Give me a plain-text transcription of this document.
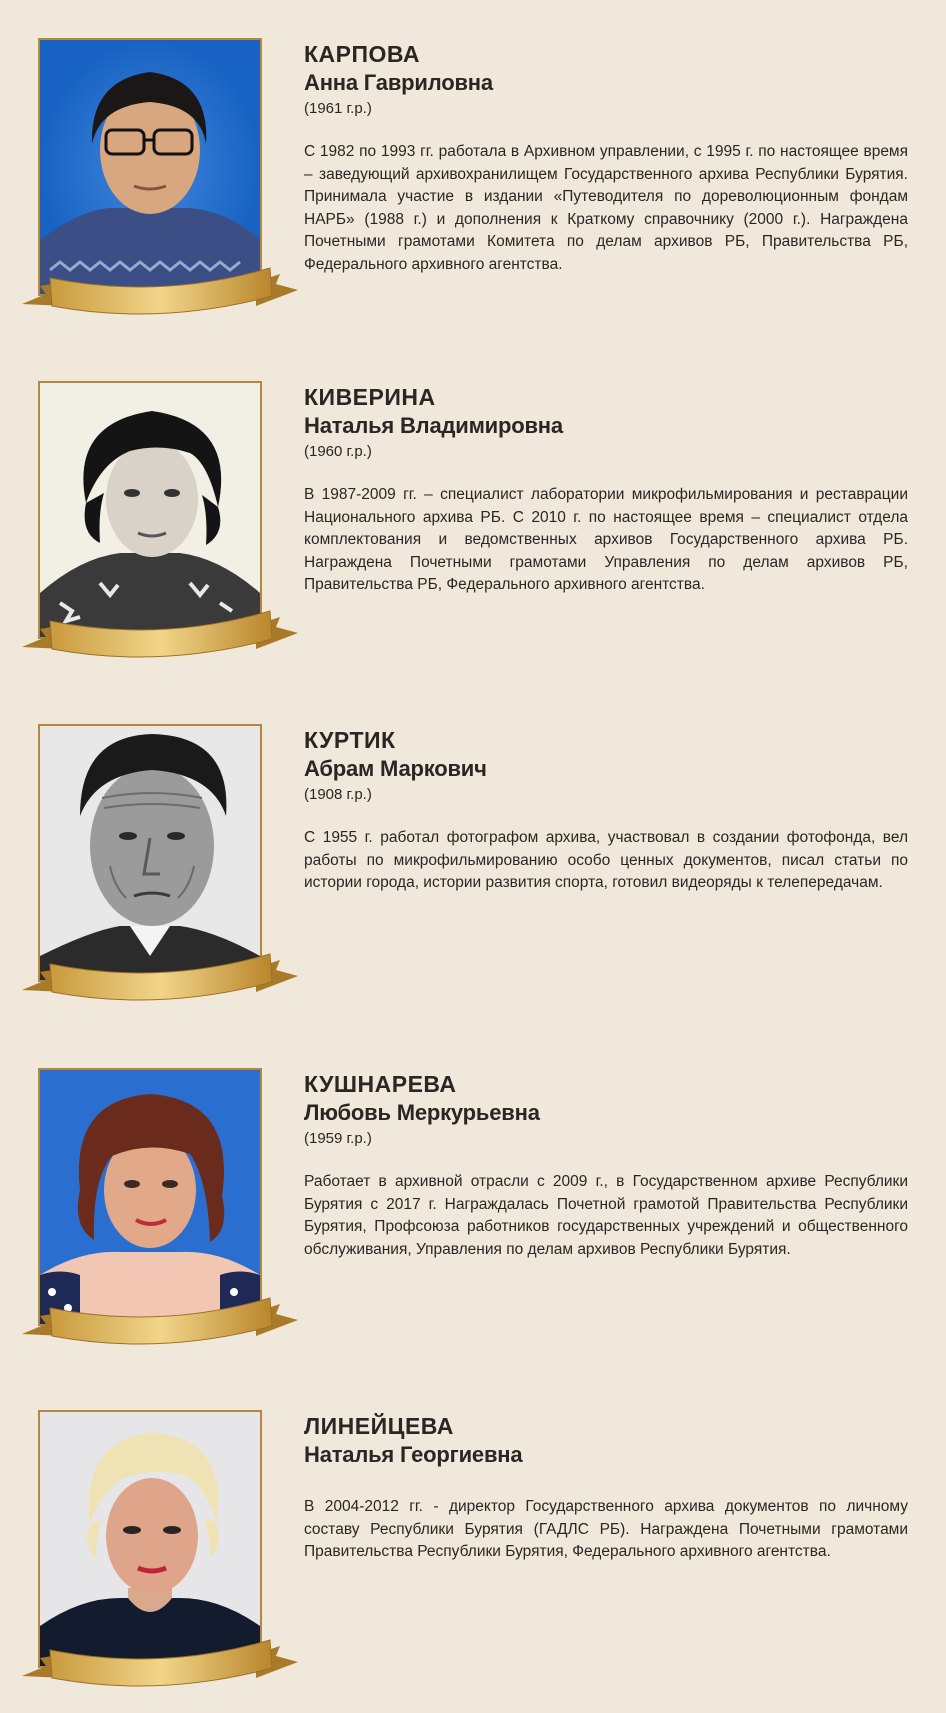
КАРПОВА

Анна Гавриловна

(1961 г.р.)

С 1982 по 1993 гг. работала в Архивном управлении, с 1995 г. по настоящее время – заведующий архивохранилищем Государственного архива Республики Бурятия. Принимала участие в издании «Путеводителя по дореволюционным фондам НАРБ» (1988 г.) и дополнения к Краткому справочнику (2000 г.). Награждена Почетными грамотами Комитета по делам архивов РБ, Правительства РБ, Федерального архивного агентства.

КИВЕРИНА

Наталья Владимировна

(1960 г.р.)

В 1987-2009 гг. – специалист лаборатории микрофильмирования и реставрации Национального архива РБ. С 2010 г. по настоящее время – специалист отдела комплектования и ведомственных архивов Государственного архива РБ. Награждена Почетными грамотами Управления по делам архивов РБ, Правительства РБ, Федерального архивного агентства.

КУРТИК

Абрам Маркович

(1908 г.р.)

С 1955 г. работал фотографом архива, участвовал в создании фотофонда, вел работы по микрофильмированию особо ценных документов, писал статьи по истории города, истории развития спорта, готовил видеоряды к телепередачам.

КУШНАРЕВА

Любовь Меркурьевна

(1959 г.р.)

Работает в архивной отрасли с 2009 г., в Государственном архиве Республики Бурятия с 2017 г. Награждалась Почетной грамотой Правительства Республики Бурятия, Профсоюза работников государственных учреждений и общественного обслуживания, Управления по делам архивов Республики Бурятия.

ЛИНЕЙЦЕВА

Наталья Георгиевна

В 2004-2012 гг. - директор Государственного архива документов по личному составу Республики Бурятия (ГАДЛС РБ). Награждена Почетными грамотами Правительства Республики Бурятия, Федерального архивного агентства.
